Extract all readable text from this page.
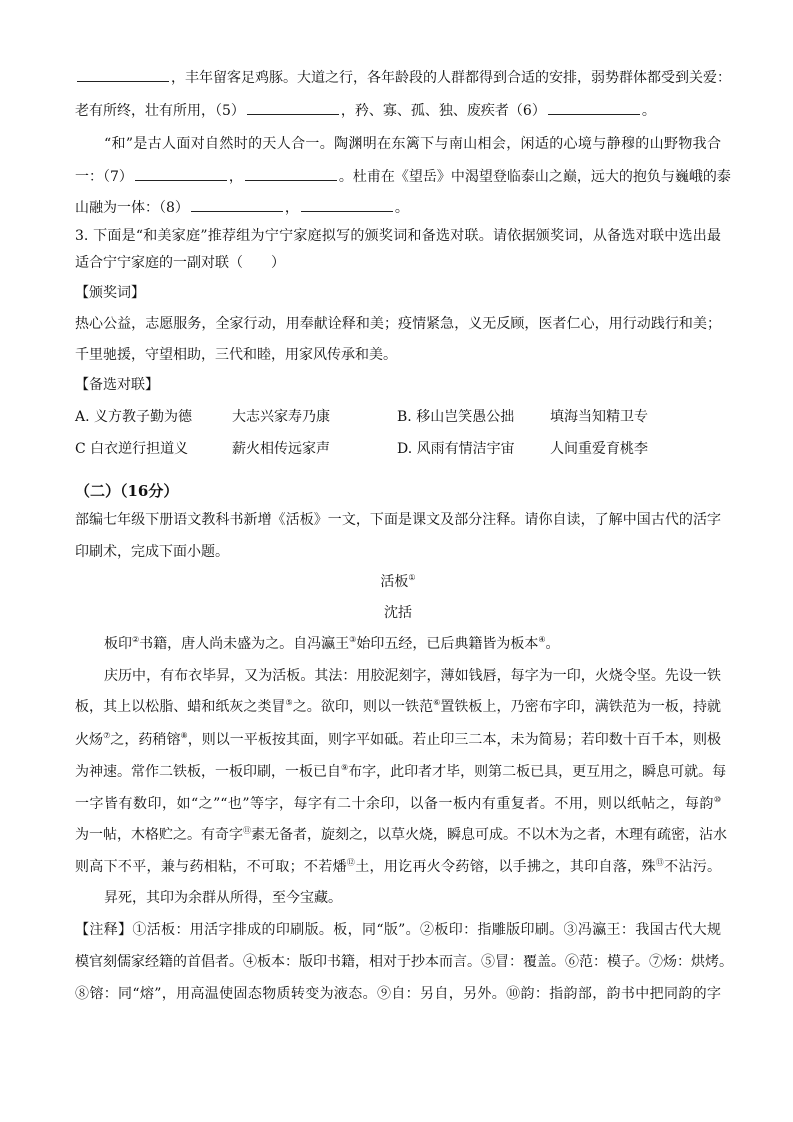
，丰年留客足鸡豚。大道之行，各年龄段的人群都得到合适的安排，弱势群体都受到关爱：
老有所终，壮有所用，（5）	，矜、寡、孤、独、废疾者（6）	。
“和”是古人面对自然时的天人合一。陶渊明在东篱下与南山相会，闲适的心境与静穆的山野物我合
一：（7）	，	。杜甫在《望岳》中渴望登临泰山之巅，远大的抱负与巍峨的泰
山融为一体：（8）	，	。
3. 下面是“和美家庭”推荐组为宁宁家庭拟写的颁奖词和备选对联。请依据颁奖词，从备选对联中选出最
适合宁宁家庭的一副对联（　　）
【颁奖词】
热心公益，志愿服务，全家行动，用奉献诠释和美；疫情紧急，义无反顾，医者仁心，用行动践行和美；
千里驰援，守望相助，三代和睦，用家风传承和美。
【备选对联】
（二）（16分）
部编七年级下册语文教科书新增《活板》一文，下面是课文及部分注释。请你自读，了解中国古代的活字
印刷术，完成下面小题。
活板①
沈括
板印②书籍，唐人尚未盛为之。自冯瀛王③始印五经，已后典籍皆为板本④。
庆历中，有布衣毕昇，又为活板。其法：用胶泥刻字，薄如钱唇，每字为一印，火烧令坚。先设一铁
板，其上以松脂、蜡和纸灰之类冒⑤之。欲印，则以一铁范⑥置铁板上，乃密布字印，满铁范为一板，持就
火炀⑦之，药稍镕⑧，则以一平板按其面，则字平如砥。若止印三二本，未为简易；若印数十百千本，则极
为神速。常作二铁板，一板印刷，一板已自⑨布字，此印者才毕，则第二板已具，更互用之，瞬息可就。每
一字皆有数印，如“之”“也”等字，每字有二十余印，以备一板内有重复者。不用，则以纸帖之，每韵⑩
为一帖，木格贮之。有奇字⑪素无备者，旋刻之，以草火烧，瞬息可成。不以木为之者，木理有疏密，沾水
则高下不平，兼与药相粘，不可取；不若燔⑫土，用讫再火令药镕，以手拂之，其印自落，殊⑬不沾污。
昇死，其印为余群从所得，至今宝藏。
【注释】①活板：用活字排成的印刷版。板，同“版”。②板印：指雕版印刷。③冯瀛王：我国古代大规
模官刻儒家经籍的首倡者。④板本：版印书籍，相对于抄本而言。⑤冒：覆盖。⑥范：模子。⑦炀：烘烤。
⑧镕：同“熔”，用高温使固态物质转变为液态。⑨自：另自，另外。⑩韵：指韵部，韵书中把同韵的字
A. 义方教子勤为德	大志兴家寿乃康	B. 移山岂笑愚公拙	填海当知精卫专
C 白衣逆行担道义	薪火相传远家声	D. 风雨有情洁宇宙	人间重爱育桃李
